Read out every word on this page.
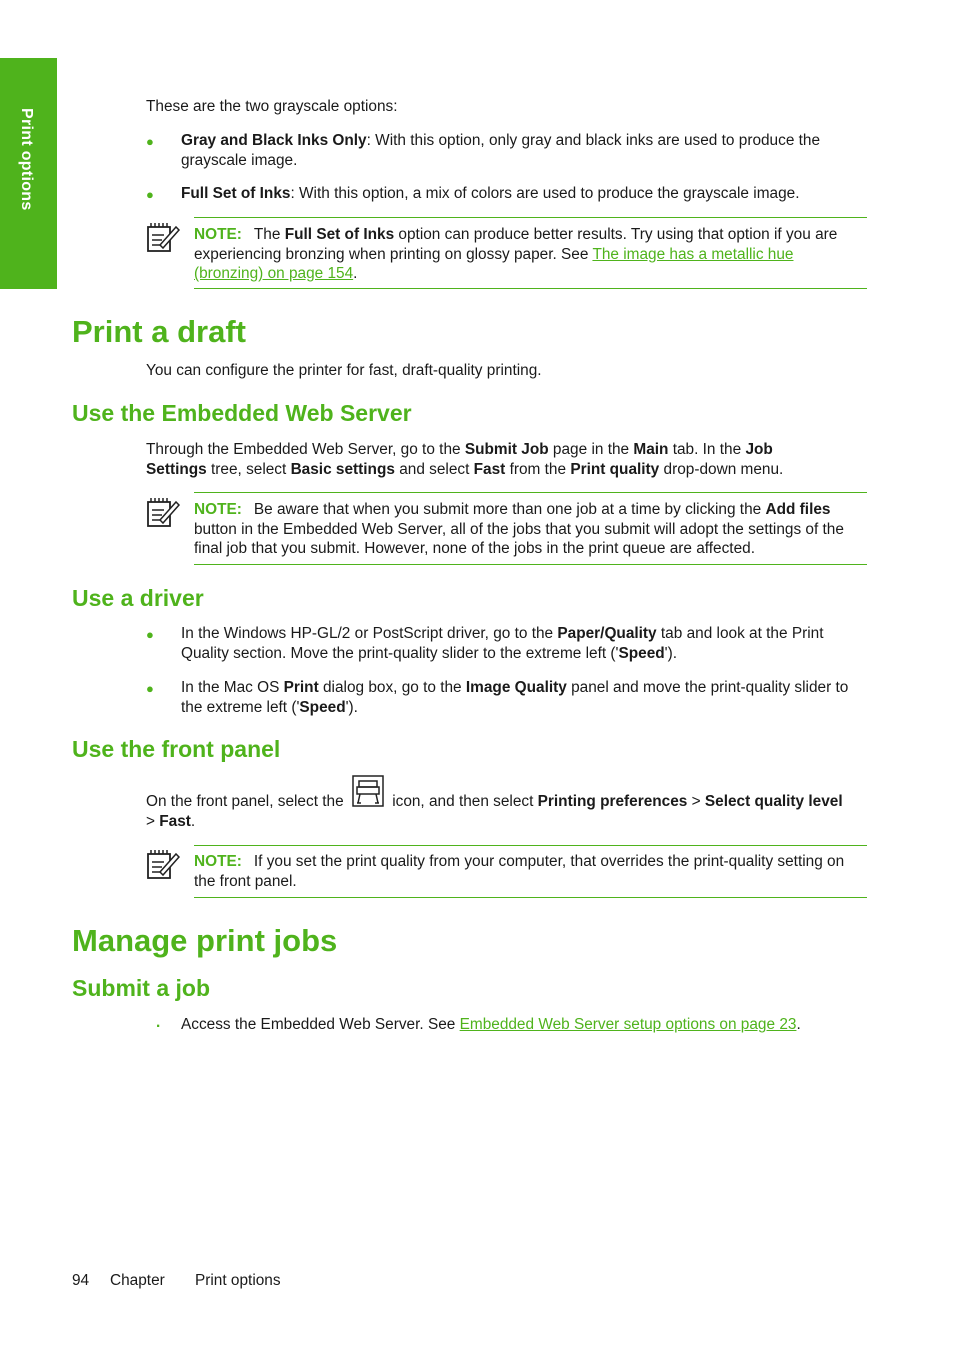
Print options

These are the two grayscale options:

● Gray and Black Inks Only: With this option, only gray and black inks are used to produce the
grayscale image.

● Full Set of Inks: With this option, a mix of colors are used to produce the grayscale image.

NOTE: The Full Set of Inks option can produce better results. Try using that option if you are experiencing bronzing when printing on glossy paper. See The image has a metallic hue (bronzing) on page 154.

Print a draft

You can configure the printer for fast, draft-quality printing.

Use the Embedded Web Server

Through the Embedded Web Server, go to the Submit Job page in the Main tab. In the Job Settings tree, select Basic settings and select Fast from the Print quality drop-down menu.

NOTE: Be aware that when you submit more than one job at a time by clicking the Add files button in the Embedded Web Server, all of the jobs that you submit will adopt the settings of the final job that you submit. However, none of the jobs in the print queue are affected.

Use a driver
● In the Windows HP-GL/2 or PostScript driver, go to the Paper/Quality tab and look at the Print Quality section. Move the print-quality slider to the extreme left ('Speed').

● In the Mac OS Print dialog box, go to the Image Quality panel and move the print-quality slider to the extreme left ('Speed').

Use the front panel

On the front panel, select the	icon, and then select Printing preferences > Select quality level > Fast.

NOTE: If you set the print quality from your computer, that overrides the print-quality setting on the front panel.

Manage print jobs
Submit a job
. Access the Embedded Web Server. See Embedded Web Server setup options on page 23.

94 Chapter Print options
